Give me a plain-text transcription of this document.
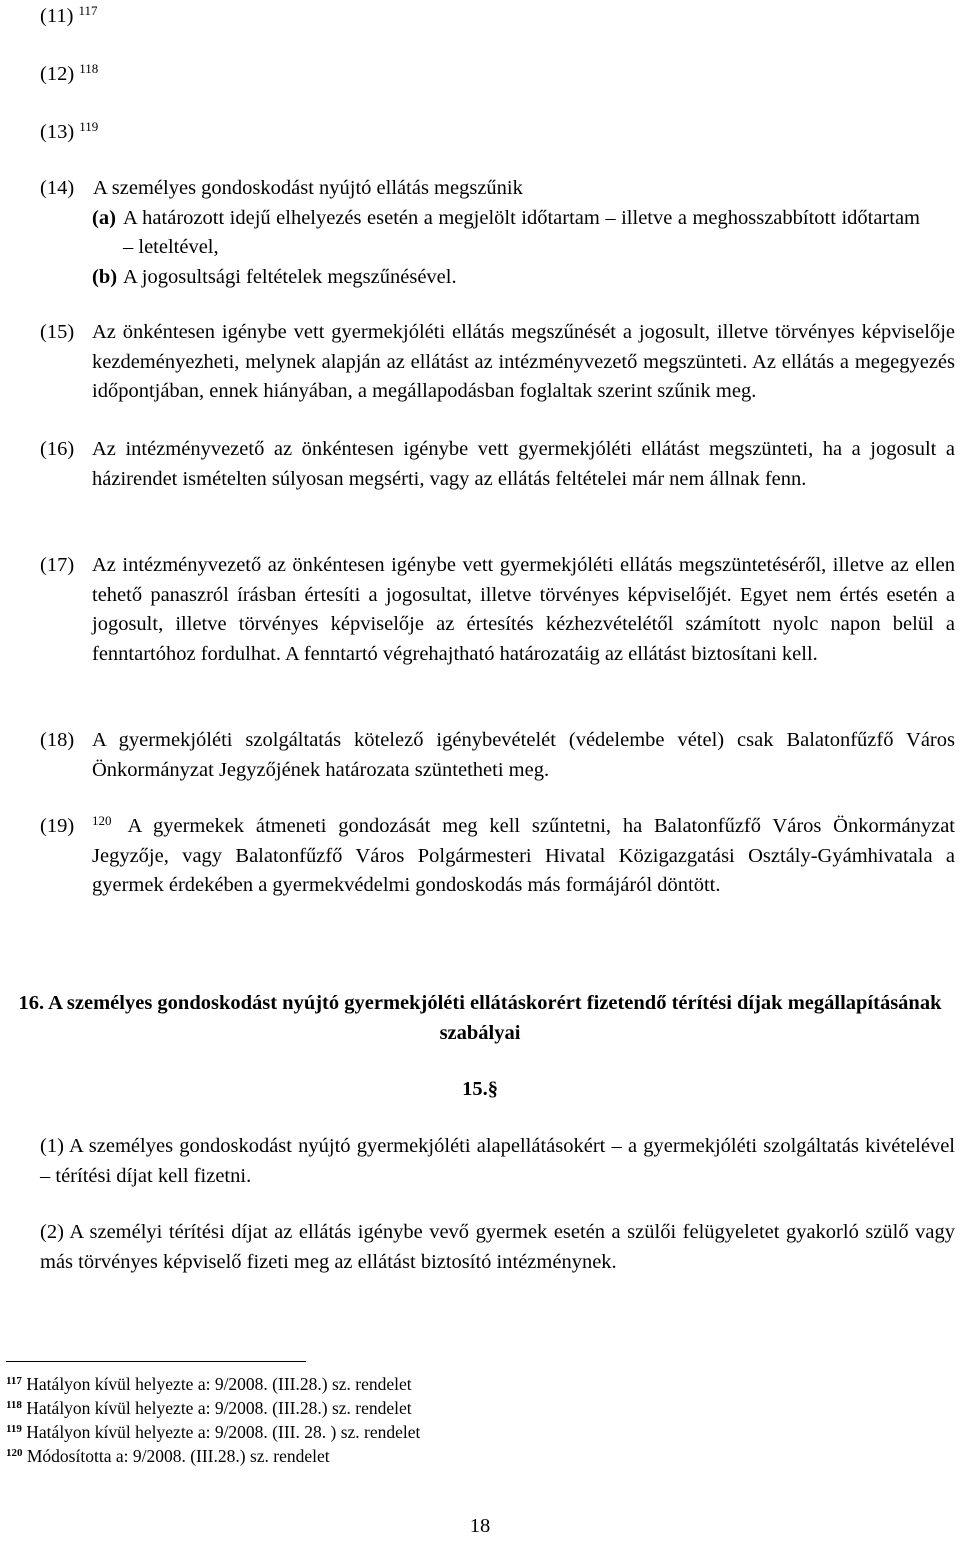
(11) $^{117}$
(12) $^{118}$
(13) $^{119}$
(14) A személyes gondoskodást nyújtó ellátás megszűnik
(a) A határozott idejű elhelyezés esetén a megjelölt időtartam – illetve a meghosszabbított időtartam – leteltével,
(b) A jogosultsági feltételek megszűnésével.
(15) Az önkéntesen igénybe vett gyermekjóléti ellátás megszűnését a jogosult, illetve törvényes képviselője kezdeményezheti, melynek alapján az ellátást az intézményvezető megszünteti. Az ellátás a megegyezés időpontjában, ennek hiányában, a megállapodásban foglaltak szerint szűnik meg.
(16) Az intézményvezető az önkéntesen igénybe vett gyermekjóléti ellátást megszünteti, ha a jogosult a házirendet ismételten súlyosan megsérti, vagy az ellátás feltételei már nem állnak fenn.
(17) Az intézményvezető az önkéntesen igénybe vett gyermekjóléti ellátás megszüntetéséről, illetve az ellen tehető panaszról írásban értesíti a jogosultat, illetve törvényes képviselőjét. Egyet nem értés esetén a jogosult, illetve törvényes képviselője az értesítés kézhezvételétől számított nyolc napon belül a fenntartóhoz fordulhat. A fenntartó végrehajtható határozatáig az ellátást biztosítani kell.
(18) A gyermekjóléti szolgáltatás kötelező igénybevételét (védelembe vétel) csak Balatonfűzfő Város Önkormányzat Jegyzőjének határozata szüntetheti meg.
(19)	$^{120}$ A gyermekek átmeneti gondozását meg kell szűntetni, ha Balatonfűzfő Város Önkormányzat Jegyzője, vagy Balatonfűzfő Város Polgármesteri Hivatal Közigazgatási Osztály-Gyámhivatala a gyermek érdekében a gyermekvédelmi gondoskodás más formájáról döntött.
16. A személyes gondoskodást nyújtó gyermekjóléti ellátáskorért fizetendő térítési díjak megállapításának szabályai
15.§
(1) A személyes gondoskodást nyújtó gyermekjóléti alapellátásokért – a gyermekjóléti szolgáltatás kivételével – térítési díjat kell fizetni.
(2) A személyi térítési díjat az ellátás igénybe vevő gyermek esetén a szülői felügyeletet gyakorló szülő vagy más törvényes képviselő fizeti meg az ellátást biztosító intézménynek.
$^{117}$ Hatályon kívül helyezte a: 9/2008. (III.28.) sz. rendelet
$^{118}$ Hatályon kívül helyezte a: 9/2008. (III.28.) sz. rendelet
$^{119}$ Hatályon kívül helyezte a: 9/2008. (III. 28. ) sz. rendelet
$^{120}$ Módosította a: 9/2008. (III.28.) sz. rendelet
18
